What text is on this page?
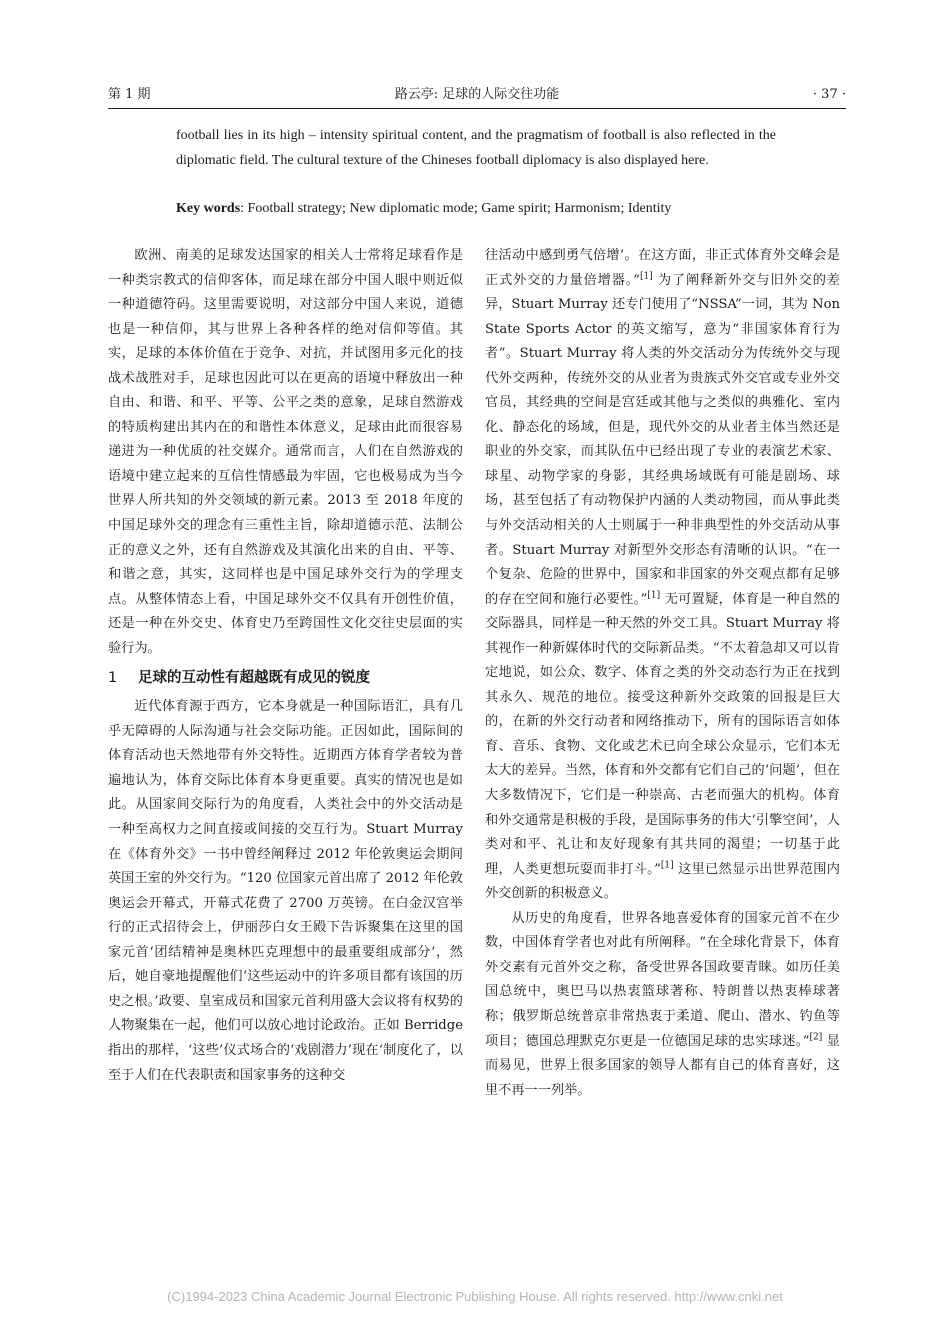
第 1 期	路云亭: 足球的人际交往功能	· 37 ·
football lies in its high – intensity spiritual content, and the pragmatism of football is also reflected in the diplomatic field. The cultural texture of the Chineses football diplomacy is also displayed here.
Key words: Football strategy; New diplomatic mode; Game spirit; Harmonism; Identity

欧洲、南美的足球发达国家的相关人士常将足球看作是一种类宗教式的信仰客体，而足球在部分中国人眼中则近似一种道德符码。这里需要说明，对这部分中国人来说，道德也是一种信仰，其与世界上各种各样的绝对信仰等值。其实，足球的本体价值在于竞争、对抗，并试图用多元化的技战术战胜对手，足球也因此可以在更高的语境中释放出一种自由、和谐、和平、平等、公平之类的意象，足球自然游戏的特质构建出其内在的和谐性本体意义，足球由此而很容易递进为一种优质的社交媒介。通常而言，人们在自然游戏的语境中建立起来的互信性情感最为牢固，它也极易成为当今世界人所共知的外交领域的新元素。2013 至 2018 年度的中国足球外交的理念有三重性主旨，除却道德示范、法制公正的意义之外，还有自然游戏及其演化出来的自由、平等、和谐之意，其实，这同样也是中国足球外交行为的学理支点。从整体情态上看，中国足球外交不仅具有开创性价值，还是一种在外交史、体育史乃至跨国性文化交往史层面的实验行为。

1 足球的互动性有超越既有成见的锐度

近代体育源于西方，它本身就是一种国际语汇，具有几乎无障碍的人际沟通与社会交际功能。正因如此，国际间的体育活动也天然地带有外交特性。近期西方体育学者较为普遍地认为，体育交际比体育本身更重要。真实的情况也是如此。从国家间交际行为的角度看，人类社会中的外交活动是一种至高权力之间直接或间接的交互行为。Stuart Murray 在《体育外交》一书中曾经阐释过 2012 年伦敦奥运会期间英国王室的外交行为。“120 位国家元首出席了 2012 年伦敦奥运会开幕式，开幕式花费了 2700 万英镑。在白金汉宫举行的正式招待会上，伊丽莎白女王殿下告诉聚集在这里的国家元首‘团结精神是奥林匹克理想中的最重要组成部分’，然后，她自豪地提醒他们‘这些运动中的许多项目都有该国的历史之根。’政要、皇室成员和国家元首利用盛大会议将有权势的人物聚集在一起，他们可以放心地讨论政治。正如 Berridge 指出的那样，‘这些’仪式场合的‘戏剧潜力’现在‘制度化了，以至于人们在代表职责和国家事务的这种交

往活动中感到勇气倍增’。在这方面，非正式体育外交峰会是正式外交的力量倍增器。”[1] 为了阐释新外交与旧外交的差异，Stuart Murray 还专门使用了“NSSA”一词，其为 Non State Sports Actor 的英文缩写，意为“非国家体育行为者”。Stuart Murray 将人类的外交活动分为传统外交与现代外交两种，传统外交的从业者为贵族式外交官或专业外交官员，其经典的空间是宫廷或其他与之类似的典雅化、室内化、静态化的场域，但是，现代外交的从业者主体当然还是职业的外交家，而其队伍中已经出现了专业的表演艺术家、球星、动物学家的身影，其经典场域既有可能是剧场、球场，甚至包括了有动物保护内涵的人类动物园，而从事此类与外交活动相关的人士则属于一种非典型性的外交活动从事者。Stuart Murray 对新型外交形态有清晰的认识。“在一个复杂、危险的世界中，国家和非国家的外交观点都有足够的存在空间和施行必要性。”[1] 无可置疑，体育是一种自然的交际器具，同样是一种天然的外交工具。Stuart Murray 将其视作一种新媒体时代的交际新品类。“不太着急却又可以肯定地说，如公众、数字、体育之类的外交动态行为正在找到其永久、规范的地位。接受这种新外交政策的回报是巨大的，在新的外交行动者和网络推动下，所有的国际语言如体育、音乐、食物、文化或艺术已向全球公众显示，它们本无太大的差异。当然，体育和外交都有它们自己的‘问题’，但在大多数情况下，它们是一种崇高、古老而强大的机构。体育和外交通常是积极的手段，是国际事务的伟大‘引擎空间’，人类对和平、礼让和友好现象有其共同的渴望；一切基于此理，人类更想玩耍而非打斗。”[1] 这里已然显示出世界范围内外交创新的积极意义。

从历史的角度看，世界各地喜爱体育的国家元首不在少数，中国体育学者也对此有所阐释。“在全球化背景下，体育外交素有元首外交之称，备受世界各国政要青睐。如历任美国总统中，奥巴马以热衷篮球著称、特朗普以热衷棒球著称；俄罗斯总统普京非常热衷于柔道、爬山、潜水、钓鱼等项目；德国总理默克尔更是一位德国足球的忠实球迷。”[2] 显而易见，世界上很多国家的领导人都有自己的体育喜好，这里不再一一列举。

(C)1994-2023 China Academic Journal Electronic Publishing House. All rights reserved. http://www.cnki.net
